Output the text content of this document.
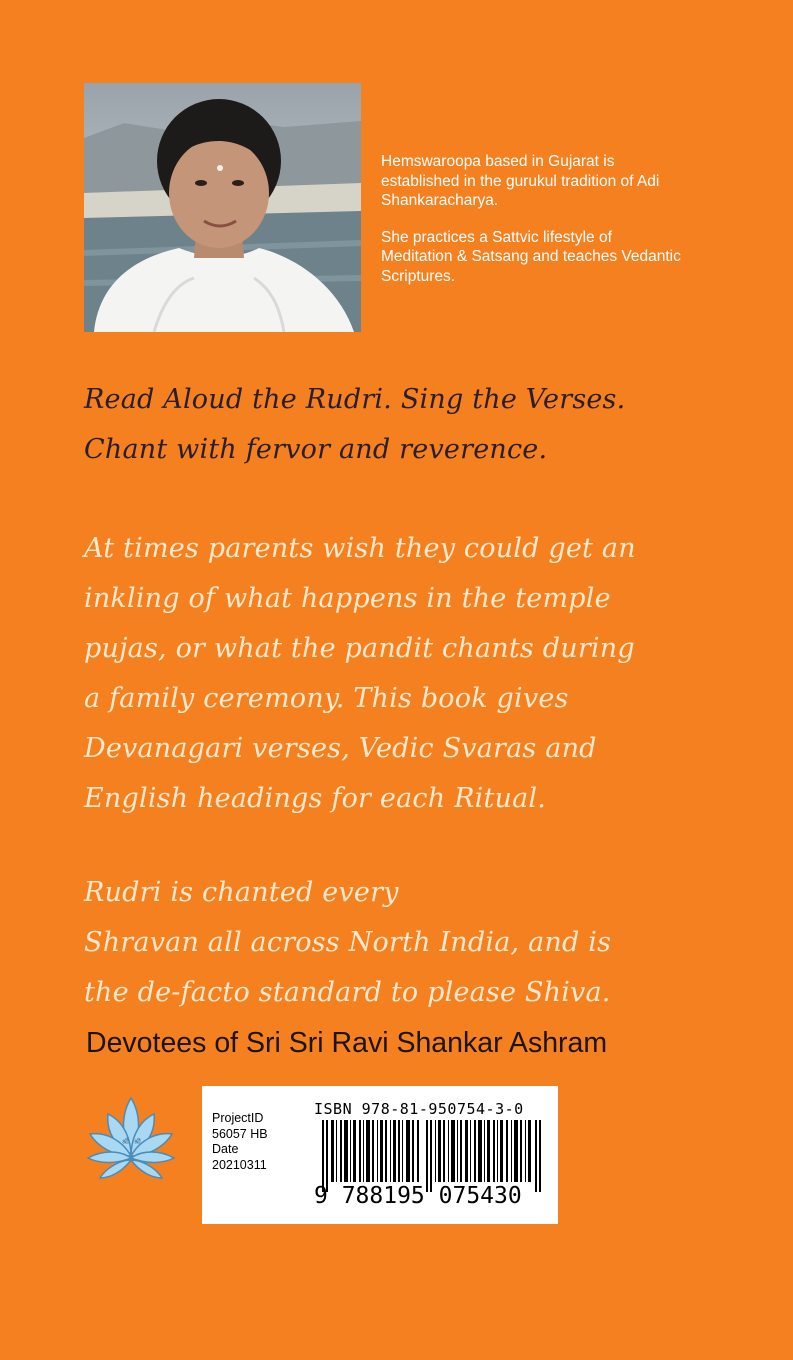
Hemswaroopa based in Gujarat is established in the gurukul tradition of Adi Shankaracharya.

She practices a Sattvic lifestyle of Meditation & Satsang and teaches Vedantic Scriptures.

Read Aloud the Rudri. Sing the Verses.
Chant with fervor and reverence.
At times parents wish they could get an
inkling of what happens in the temple
pujas, or what the pandit chants during
a family ceremony. This book gives
Devanagari verses, Vedic Svaras and
English headings for each Ritual.
Rudri is chanted every
Shravan all across North India, and is
the de-facto standard to please Shiva.
Devotees of Sri Sri Ravi Shankar Ashram
श्री श्री
ProjectID
56057 HB
Date
20210311
ISBN 978-81-950754-3-0
9 788195 075430
